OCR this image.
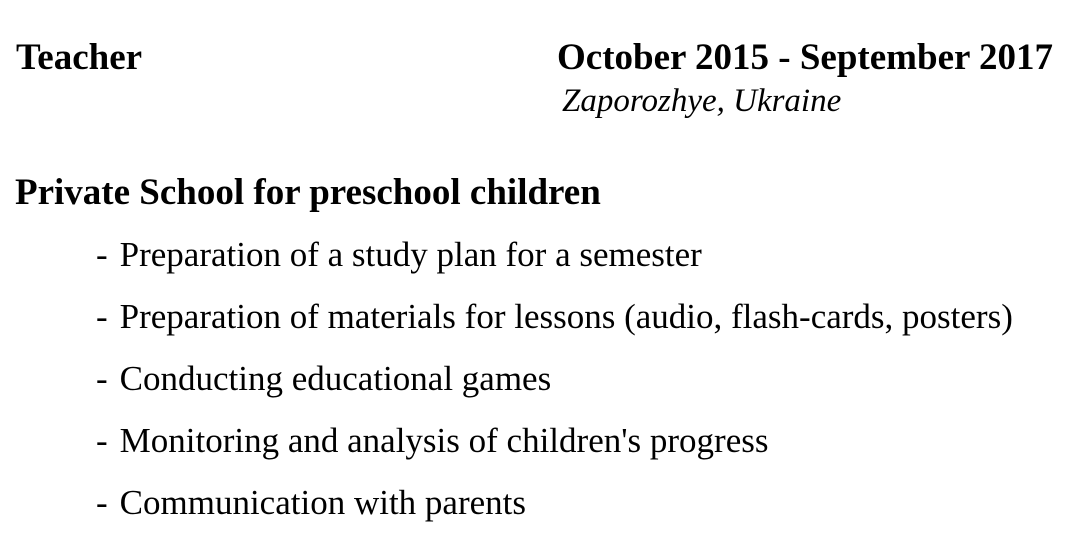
Teacher	October 2015 - September 2017
Zaporozhye, Ukraine
Private School for preschool children
- Preparation of a study plan for a semester
- Preparation of materials for lessons (audio, flash-cards, posters)
- Conducting educational games
- Monitoring and analysis of children's progress
- Communication with parents
